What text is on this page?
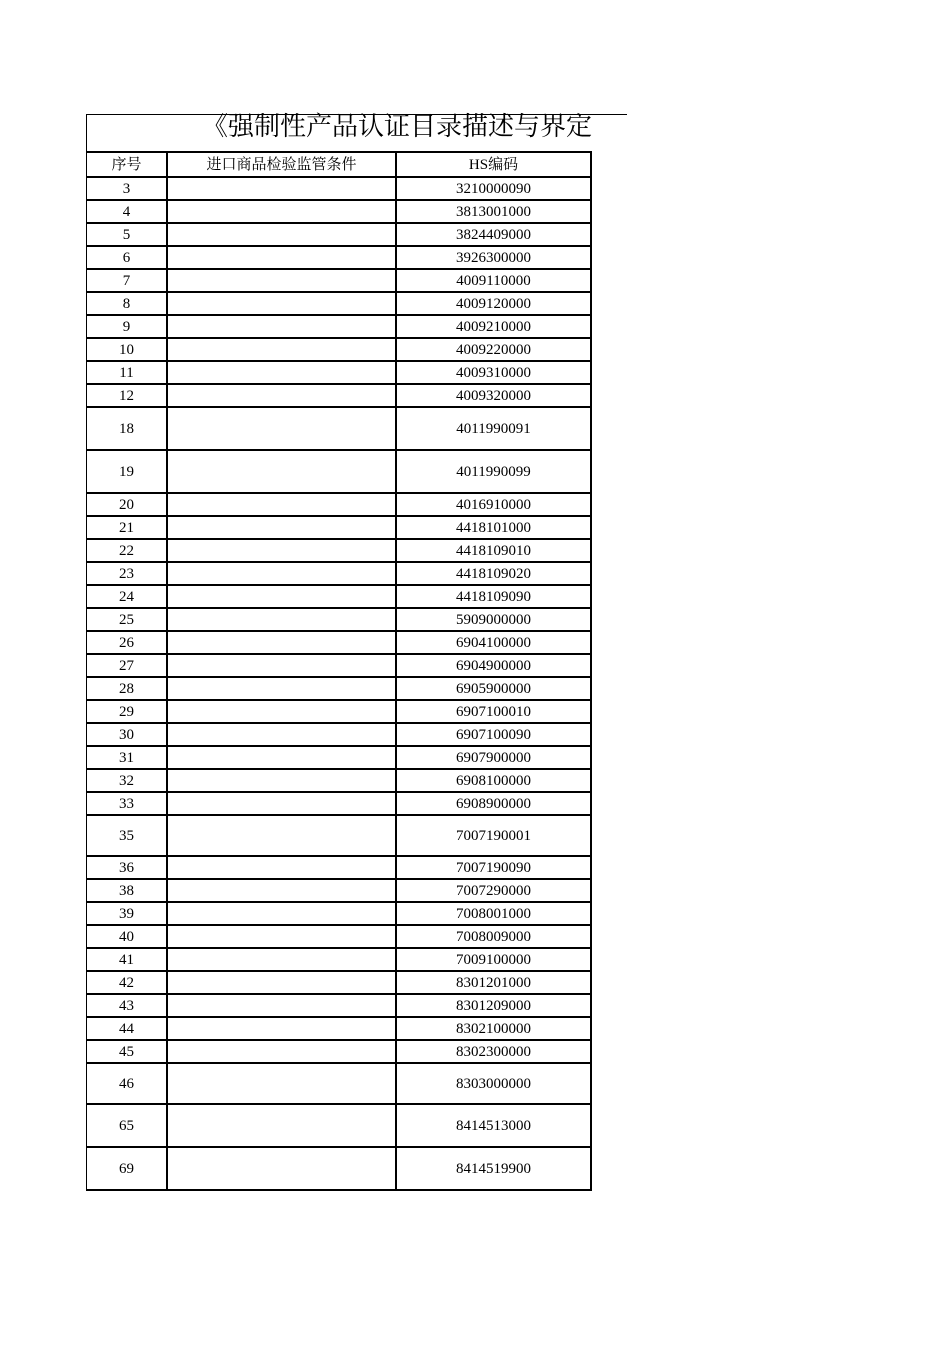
《强制性产品认证目录描述与界定
序号	进口商品检验监管条件	HS编码
3		3210000090
4		3813001000
5		3824409000
6		3926300000
7		4009110000
8		4009120000
9		4009210000
10		4009220000
11		4009310000
12		4009320000
18		4011990091
19		4011990099
20		4016910000
21		4418101000
22		4418109010
23		4418109020
24		4418109090
25		5909000000
26		6904100000
27		6904900000
28		6905900000
29		6907100010
30		6907100090
31		6907900000
32		6908100000
33		6908900000
35		7007190001
36		7007190090
38		7007290000
39		7008001000
40		7008009000
41		7009100000
42		8301201000
43		8301209000
44		8302100000
45		8302300000
46		8303000000
65		8414513000
69		8414519900
